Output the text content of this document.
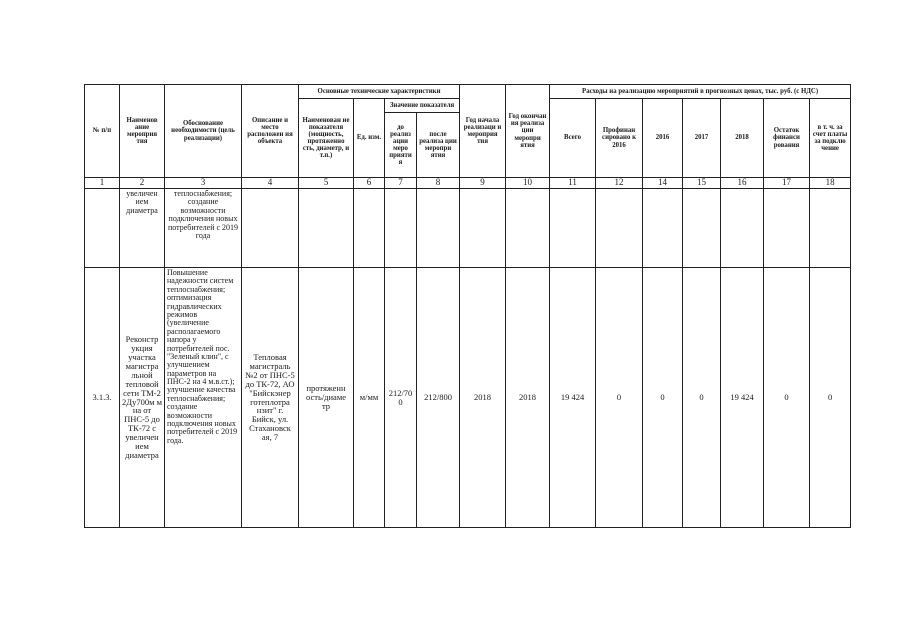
№ п/п	Наименов ание мероприя тия	Обоснование необходимости (цель реализации)	Описание и место расположен ия объекта	Основные технические характеристики				Год начала реализаци и мероприя тия	Год окончан ия реализа ции меропри ятия	Расходы на реализацию мероприятий в прогнозных ценах, тыс. руб. (с НДС)						
				Наименован ие показателя (мощность, протяженно сть, диаметр, и т.п.)	Ед. изм.	Значение показателя				Всего	Профинан сировано к 2016	2016	2017	2018	Остаток финанси рования	в т. ч. за счет платы за подклю чение
						до реализ ации меро прияти я	после реализа ции меропри ятия									
1	2	3	4	5	6	7	8	9	10	11	12	14	15	16	17	18
	увеличен ием диаметра	теплоснабжения; создание возможности подключения новых потребителей с 2019 года														
3.1.3.	Реконстр укция участка магистра льной тепловой сети ТМ-2 2Ду700м м на от ПНС-5 до ТК-72 с увеличен ием диаметра	Повышение надежности систем теплоснабжения; оптимизация гидравлических режимов (увеличение располагаемого напора у потребителей пос. "Зеленый клин", с улучшением параметров на ПНС-2 на 4 м.в.ст.); улучшение качества теплоснабжения; создание возможности подключения новых потребителей с 2019 года.	Тепловая магистраль №2 от ПНС-5 до ТК-72, АО "Бийскэнер готеплотра нзит" г. Бийск, ул. Стахановск ая, 7	протяженн ость/диаме тр	м/мм	212/700	212/800	2018	2018	19 424	0	0	0	19 424	0	0
